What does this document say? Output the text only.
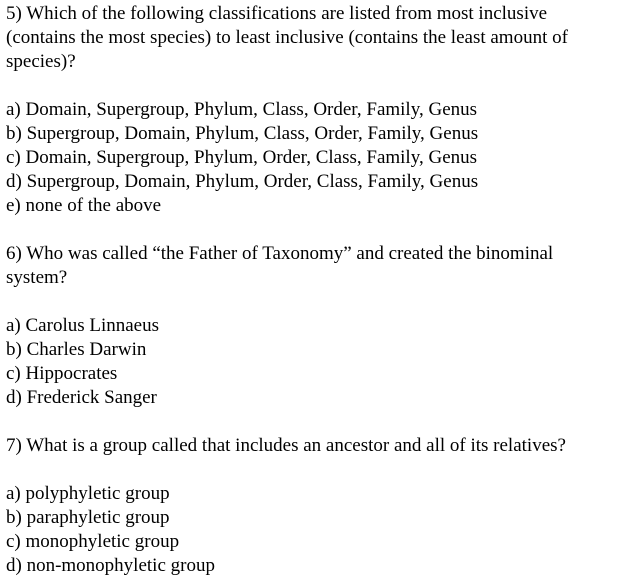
5) Which of the following classifications are listed from most inclusive
(contains the most species) to least inclusive (contains the least amount of
species)?
a) Domain, Supergroup, Phylum, Class, Order, Family, Genus
b) Supergroup, Domain, Phylum, Class, Order, Family, Genus
c) Domain, Supergroup, Phylum, Order, Class, Family, Genus
d) Supergroup, Domain, Phylum, Order, Class, Family, Genus
e) none of the above
6) Who was called “the Father of Taxonomy” and created the binominal
system?
a) Carolus Linnaeus
b) Charles Darwin
c) Hippocrates
d) Frederick Sanger
7) What is a group called that includes an ancestor and all of its relatives?
a) polyphyletic group
b) paraphyletic group
c) monophyletic group
d) non-monophyletic group
